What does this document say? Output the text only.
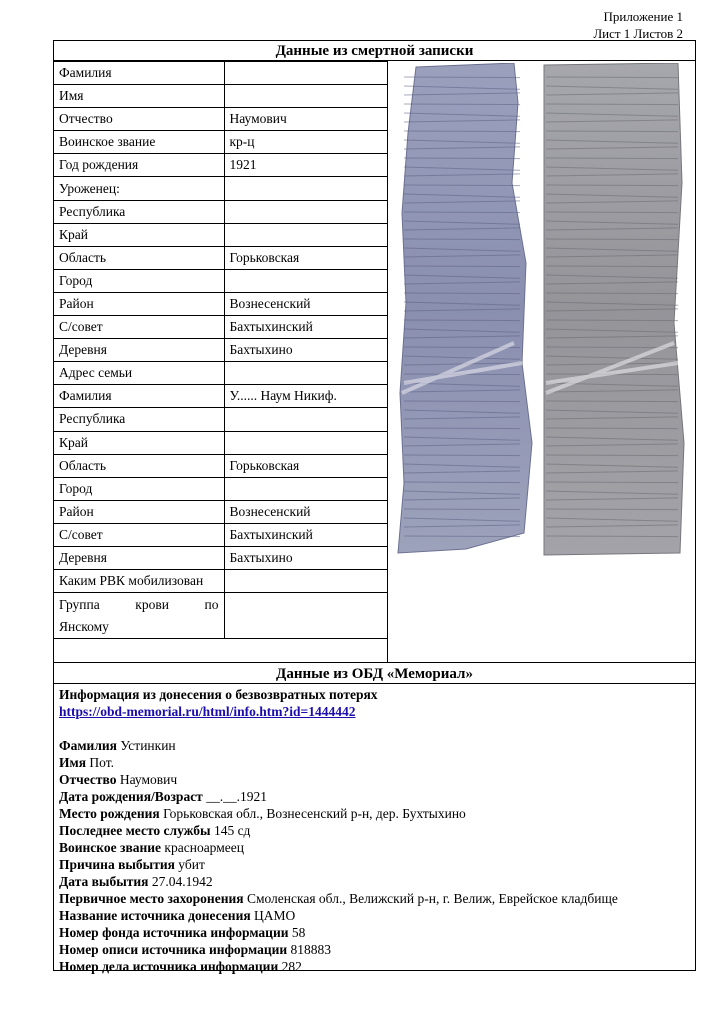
Приложение 1
Лист 1 Листов 2
Данные из смертной записки
Фамилия	
Имя	
Отчество	Наумович
Воинское звание	кр-ц
Год рождения	1921
Уроженец:	
Республика	
Край	
Область	Горьковская
Город	
Район	Вознесенский
С/совет	Бахтыхинский
Деревня	Бахтыхино
Адрес семьи	
Фамилия	У...... Наум Никиф.
Республика	
Край	
Область	Горьковская
Город	
Район	Вознесенский
С/совет	Бахтыхинский
Деревня	Бахтыхино
Каким РВК мобилизован	

Группа крови по
Янскому	

Данные из ОБД «Мемориал»
Информация из донесения о безвозвратных потерях
https://obd-memorial.ru/html/info.htm?id=1444442
Фамилия Устинкин
Имя Пот.
Отчество Наумович
Дата рождения/Возраст __.__.1921
Место рождения Горьковская обл., Вознесенский р-н, дер. Бухтыхино
Последнее место службы 145 сд
Воинское звание красноармеец
Причина выбытия убит
Дата выбытия 27.04.1942
Первичное место захоронения Смоленская обл., Велижский р-н, г. Велиж, Еврейское кладбище
Название источника донесения ЦАМО
Номер фонда источника информации 58
Номер описи источника информации 818883
Номер дела источника информации 282
